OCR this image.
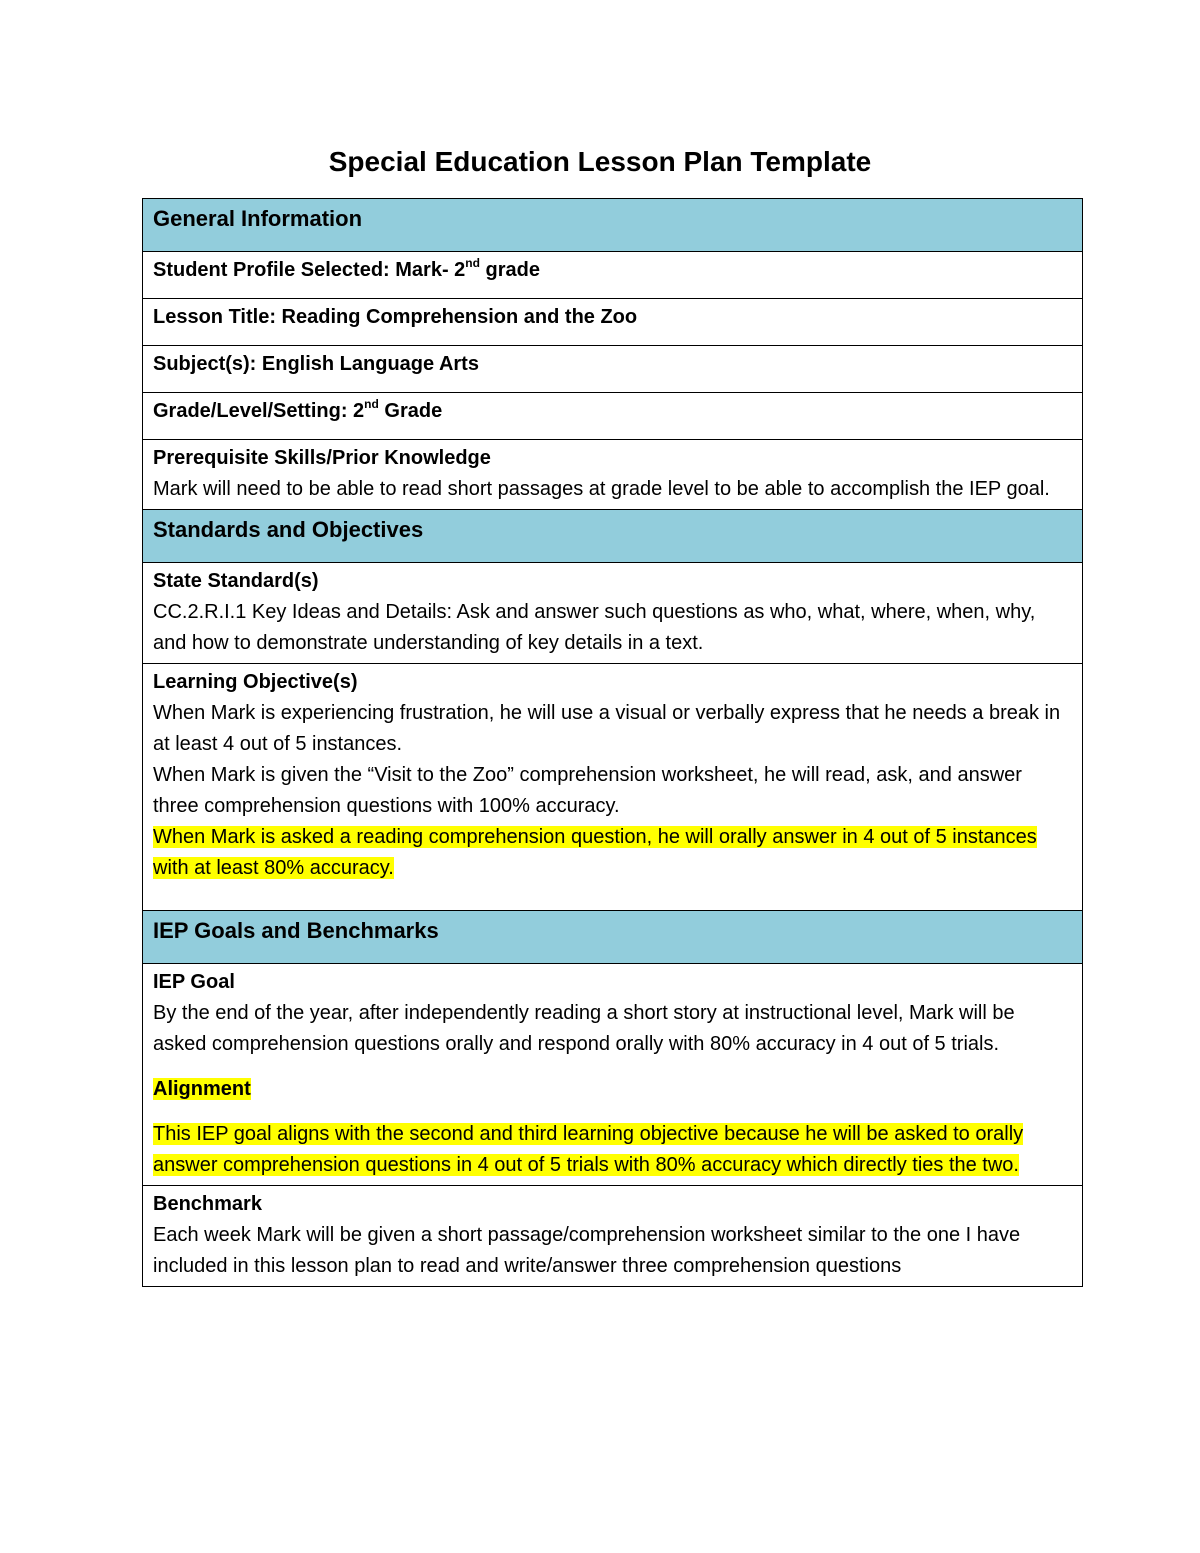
Special Education Lesson Plan Template
General Information
Student Profile Selected: Mark- 2nd grade
Lesson Title: Reading Comprehension and the Zoo
Subject(s): English Language Arts
Grade/Level/Setting: 2nd Grade

Prerequisite Skills/Prior Knowledge

Mark will need to be able to read short passages at grade level to be able to accomplish the IEP goal.

Standards and Objectives

State Standard(s)

CC.2.R.I.1 Key Ideas and Details: Ask and answer such questions as who, what, where, when, why, and how to demonstrate understanding of key details in a text.

Learning Objective(s)

When Mark is experiencing frustration, he will use a visual or verbally express that he needs a break in at least 4 out of 5 instances.

When Mark is given the “Visit to the Zoo” comprehension worksheet, he will read, ask, and answer three comprehension questions with 100% accuracy.

When Mark is asked a reading comprehension question, he will orally answer in 4 out of 5 instances with at least 80% accuracy.

IEP Goals and Benchmarks

IEP Goal

By the end of the year, after independently reading a short story at instructional level, Mark will be asked comprehension questions orally and respond orally with 80% accuracy in 4 out of 5 trials.

Alignment

This IEP goal aligns with the second and third learning objective because he will be asked to orally answer comprehension questions in 4 out of 5 trials with 80% accuracy which directly ties the two.

Benchmark

Each week Mark will be given a short passage/comprehension worksheet similar to the one I have included in this lesson plan to read and write/answer three comprehension questions
